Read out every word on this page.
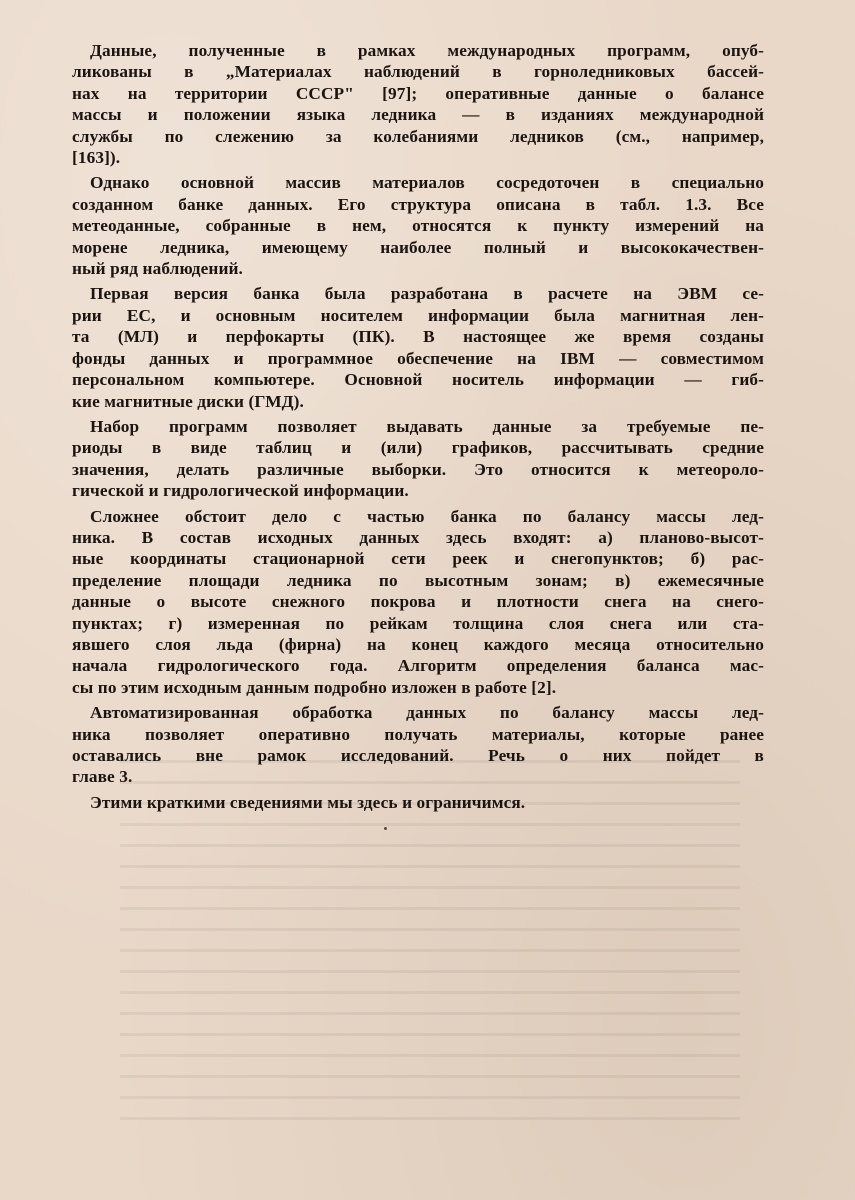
Данные, полученные в рамках международных программ, опуб-
ликованы в „Материалах наблюдений в горноледниковых бассей-
нах на территории СССР" [97]; оперативные данные о балансе
массы и положении языка ледника — в изданиях международной
службы по слежению за колебаниями ледников (см., например,
[163]).

Однако основной массив материалов сосредоточен в специально
созданном банке данных. Его структура описана в табл. 1.3. Все
метеоданные, собранные в нем, относятся к пункту измерений на
морене ледника, имеющему наиболее полный и высококачествен-
ный ряд наблюдений.

Первая версия банка была разработана в расчете на ЭВМ се-
рии ЕС, и основным носителем информации была магнитная лен-
та (МЛ) и перфокарты (ПК). В настоящее же время созданы
фонды данных и программное обеспечение на IBM — совместимом
персональном компьютере. Основной носитель информации — гиб-
кие магнитные диски (ГМД).

Набор программ позволяет выдавать данные за требуемые пе-
риоды в виде таблиц и (или) графиков, рассчитывать средние
значения, делать различные выборки. Это относится к метеороло-
гической и гидрологической информации.

Сложнее обстоит дело с частью банка по балансу массы лед-
ника. В состав исходных данных здесь входят: а) планово-высот-
ные координаты стационарной сети реек и снегопунктов; б) рас-
пределение площади ледника по высотным зонам; в) ежемесячные
данные о высоте снежного покрова и плотности снега на снего-
пунктах; г) измеренная по рейкам толщина слоя снега или ста-
явшего слоя льда (фирна) на конец каждого месяца относительно
начала гидрологического года. Алгоритм определения баланса мас-
сы по этим исходным данным подробно изложен в работе [2].

Автоматизированная обработка данных по балансу массы лед-
ника позволяет оперативно получать материалы, которые ранее
оставались вне рамок исследований. Речь о них пойдет в
главе 3.

Этими краткими сведениями мы здесь и ограничимся.
